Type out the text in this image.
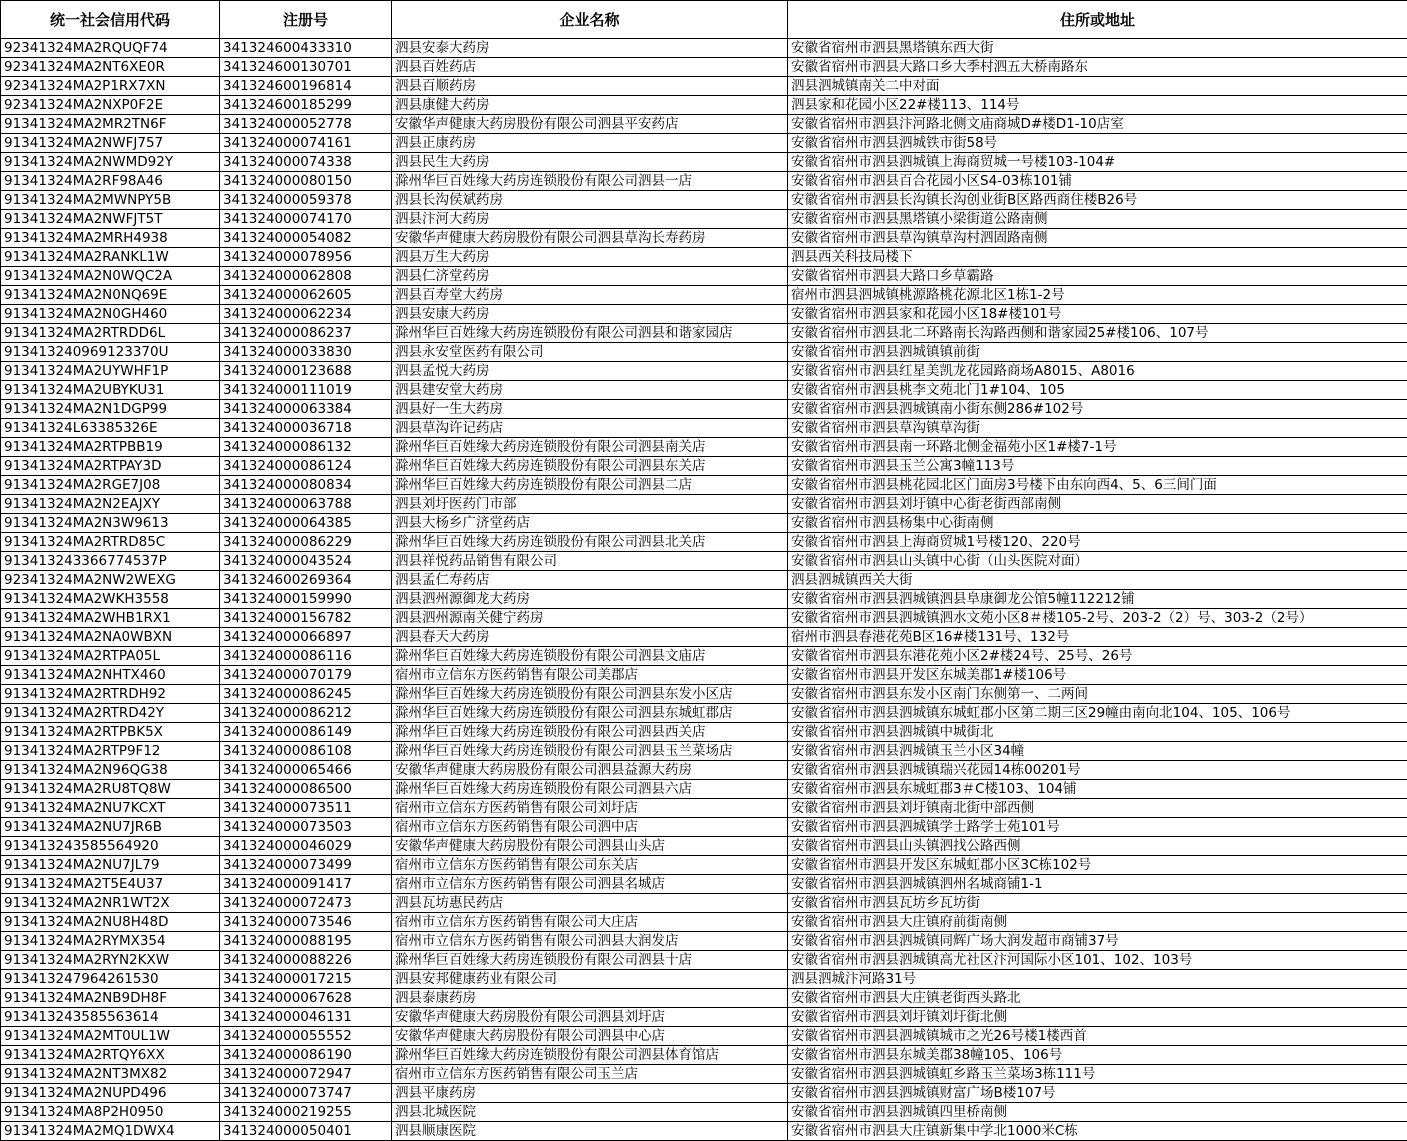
统一社会信用代码	注册号	企业名称	住所或地址
92341324MA2RQUQF74	341324600433310	泗县安泰大药房	安徽省宿州市泗县黑塔镇东西大街
92341324MA2NT6XE0R	341324600130701	泗县百姓药店	安徽省宿州市泗县大路口乡大季村泗五大桥南路东
92341324MA2P1RX7XN	341324600196814	泗县百顺药房	泗县泗城镇南关二中对面
92341324MA2NXP0F2E	341324600185299	泗县康健大药房	泗县家和花园小区22#楼113、114号
91341324MA2MR2TN6F	341324000052778	安徽华声健康大药房股份有限公司泗县平安药店	安徽省宿州市泗县汴河路北侧文庙商城D#楼D1-10店室
91341324MA2NWFJ757	341324000074161	泗县正康药房	安徽省宿州市泗县泗城铁市街58号
91341324MA2NWMD92Y	341324000074338	泗县民生大药房	安徽省宿州市泗县泗城镇上海商贸城一号楼103-104#
91341324MA2RF98A46	341324000080150	滁州华巨百姓缘大药房连锁股份有限公司泗县一店	安徽省宿州市泗县百合花园小区S4-03栋101铺
91341324MA2MWNPY5B	341324000059378	泗县长沟侯斌药房	安徽省宿州市泗县长沟镇长沟创业街B区路西商住楼B26号
91341324MA2NWFJT5T	341324000074170	泗县汴河大药房	安徽省宿州市泗县黑塔镇小梁街道公路南侧
91341324MA2MRH4938	341324000054082	安徽华声健康大药房股份有限公司泗县草沟长寿药房	安徽省宿州市泗县草沟镇草沟村泗固路南侧
91341324MA2RANKL1W	341324000078956	泗县万生大药房	泗县西关科技局楼下
91341324MA2N0WQC2A	341324000062808	泗县仁济堂药房	安徽省宿州市泗县大路口乡草霸路
91341324MA2N0NQ69E	341324000062605	泗县百寿堂大药房	宿州市泗县泗城镇桃源路桃花源北区1栋1-2号
91341324MA2N0GH460	341324000062234	泗县安康大药房	安徽省宿州市泗县家和花园小区18#楼101号
91341324MA2RTRDD6L	341324000086237	滁州华巨百姓缘大药房连锁股份有限公司泗县和谐家园店	安徽省宿州市泗县北二环路南长沟路西侧和谐家园25#楼106、107号
913413240969123370U	341324000033830	泗县永安堂医药有限公司	安徽省宿州市泗县泗城镇镇前街
91341324MA2UYWHF1P	341324000123688	泗县孟悦大药房	安徽省宿州市泗县红星美凯龙花园路商场A8015、A8016
91341324MA2UBYKU31	341324000111019	泗县建安堂大药房	安徽省宿州市泗县桃李文苑北门1#104、105
91341324MA2N1DGP99	341324000063384	泗县好一生大药房	安徽省宿州市泗县泗城镇南小街东侧286#102号
91341324L63385326E	341324000036718	泗县草沟许记药店	安徽省宿州市泗县草沟镇草沟街
91341324MA2RTPBB19	341324000086132	滁州华巨百姓缘大药房连锁股份有限公司泗县南关店	安徽省宿州市泗县南一环路北侧金福苑小区1#楼7-1号
91341324MA2RTPAY3D	341324000086124	滁州华巨百姓缘大药房连锁股份有限公司泗县东关店	安徽省宿州市泗县玉兰公寓3幢113号
91341324MA2RGE7J08	341324000080834	滁州华巨百姓缘大药房连锁股份有限公司泗县二店	安徽省宿州市泗县桃花园北区门面房3号楼下由东向西4、5、6三间门面
91341324MA2N2EAJXY	341324000063788	泗县刘圩医药门市部	安徽省宿州市泗县刘圩镇中心街老街西部南侧
91341324MA2N3W9613	341324000064385	泗县大杨乡广济堂药店	安徽省宿州市泗县杨集中心街南侧
91341324MA2RTRD85C	341324000086229	滁州华巨百姓缘大药房连锁股份有限公司泗县北关店	安徽省宿州市泗县上海商贸城1号楼120、220号
913413243366774537P	341324000043524	泗县祥悦药品销售有限公司	安徽省宿州市泗县山头镇中心街（山头医院对面）
92341324MA2NW2WEXG	341324600269364	泗县孟仁寿药店	泗县泗城镇西关大街
91341324MA2WKH3558	341324000159990	泗县泗州源御龙大药房	安徽省宿州市泗县泗城镇泗县阜康御龙公馆5幢112212铺
91341324MA2WHB1RX1	341324000156782	泗县泗州源南关健宁药房	安徽省宿州市泗县泗城镇泗水文苑小区8＃楼105-2号、203-2（2）号、303-2（2号）
91341324MA2NA0WBXN	341324000066897	泗县春天大药房	宿州市泗县春港花苑B区16#楼131号、132号
91341324MA2RTPA05L	341324000086116	滁州华巨百姓缘大药房连锁股份有限公司泗县文庙店	安徽省宿州市泗县东港花苑小区2#楼24号、25号、26号
91341324MA2NHTX460	341324000070179	宿州市立信东方医药销售有限公司美郡店	安徽省宿州市泗县开发区东城美郡1#楼106号
91341324MA2RTRDH92	341324000086245	滁州华巨百姓缘大药房连锁股份有限公司泗县东发小区店	安徽省宿州市泗县东发小区南门东侧第一、二两间
91341324MA2RTRD42Y	341324000086212	滁州华巨百姓缘大药房连锁股份有限公司泗县东城虹郡店	安徽省宿州市泗县泗城镇东城虹郡小区第二期三区29幢由南向北104、105、106号
91341324MA2RTPBK5X	341324000086149	滁州华巨百姓缘大药房连锁股份有限公司泗县西关店	安徽省宿州市泗县泗城镇中城街北
91341324MA2RTP9F12	341324000086108	滁州华巨百姓缘大药房连锁股份有限公司泗县玉兰菜场店	安徽省宿州市泗县泗城镇玉兰小区34幢
91341324MA2N96QG38	341324000065466	安徽华声健康大药房股份有限公司泗县益源大药房	安徽省宿州市泗县泗城镇瑞兴花园14栋00201号
91341324MA2RU8TQ8W	341324000086500	滁州华巨百姓缘大药房连锁股份有限公司泗县六店	安徽省宿州市泗县东城虹郡3＃C楼103、104铺
91341324MA2NU7KCXT	341324000073511	宿州市立信东方医药销售有限公司刘圩店	安徽省宿州市泗县刘圩镇南北街中部西侧
91341324MA2NU7JR6B	341324000073503	宿州市立信东方医药销售有限公司泗中店	安徽省宿州市泗县泗城镇学士路学士苑101号
913413243585564920	341324000046029	安徽华声健康大药房股份有限公司泗县山头店	安徽省宿州市泗县山头镇泗找公路西侧
91341324MA2NU7JL79	341324000073499	宿州市立信东方医药销售有限公司东关店	安徽省宿州市泗县开发区东城虹郡小区3C栋102号
91341324MA2T5E4U37	341324000091417	宿州市立信东方医药销售有限公司泗县名城店	安徽省宿州市泗县泗城镇泗州名城商铺1-1
91341324MA2NR1WT2X	341324000072473	泗县瓦坊惠民药店	安徽省宿州市泗县瓦坊乡瓦坊街
91341324MA2NU8H48D	341324000073546	宿州市立信东方医药销售有限公司大庄店	安徽省宿州市泗县大庄镇府前街南侧
91341324MA2RYMX354	341324000088195	宿州市立信东方医药销售有限公司泗县大润发店	安徽省宿州市泗县泗城镇同辉广场大润发超市商铺37号
91341324MA2RYN2KXW	341324000088226	滁州华巨百姓缘大药房连锁股份有限公司泗县十店	安徽省宿州市泗县泗城镇高尤社区汴河国际小区101、102、103号
913413247964261530	341324000017215	泗县安邦健康药业有限公司	泗县泗城汴河路31号
91341324MA2NB9DH8F	341324000067628	泗县泰康药房	安徽省宿州市泗县大庄镇老街西头路北
913413243585563614	341324000046131	安徽华声健康大药房股份有限公司泗县刘圩店	安徽省宿州市泗县刘圩镇刘圩街北侧
91341324MA2MT0UL1W	341324000055552	安徽华声健康大药房股份有限公司泗县中心店	安徽省宿州市泗县泗城镇城市之光26号楼1楼西首
91341324MA2RTQY6XX	341324000086190	滁州华巨百姓缘大药房连锁股份有限公司泗县体育馆店	安徽省宿州市泗县东城美郡38幢105、106号
91341324MA2NT3MX82	341324000072947	宿州市立信东方医药销售有限公司玉兰店	安徽省宿州市泗县泗城镇虹乡路玉兰菜场3栋111号
91341324MA2NUPD496	341324000073747	泗县平康药房	安徽省宿州市泗县泗城镇财富广场B楼107号
91341324MA8P2H0950	341324000219255	泗县北城医院	安徽省宿州市泗县泗城镇四里桥南侧
91341324MA2MQ1DWX4	341324000050401	泗县顺康医院	安徽省宿州市泗县大庄镇新集中学北1000米C栋
